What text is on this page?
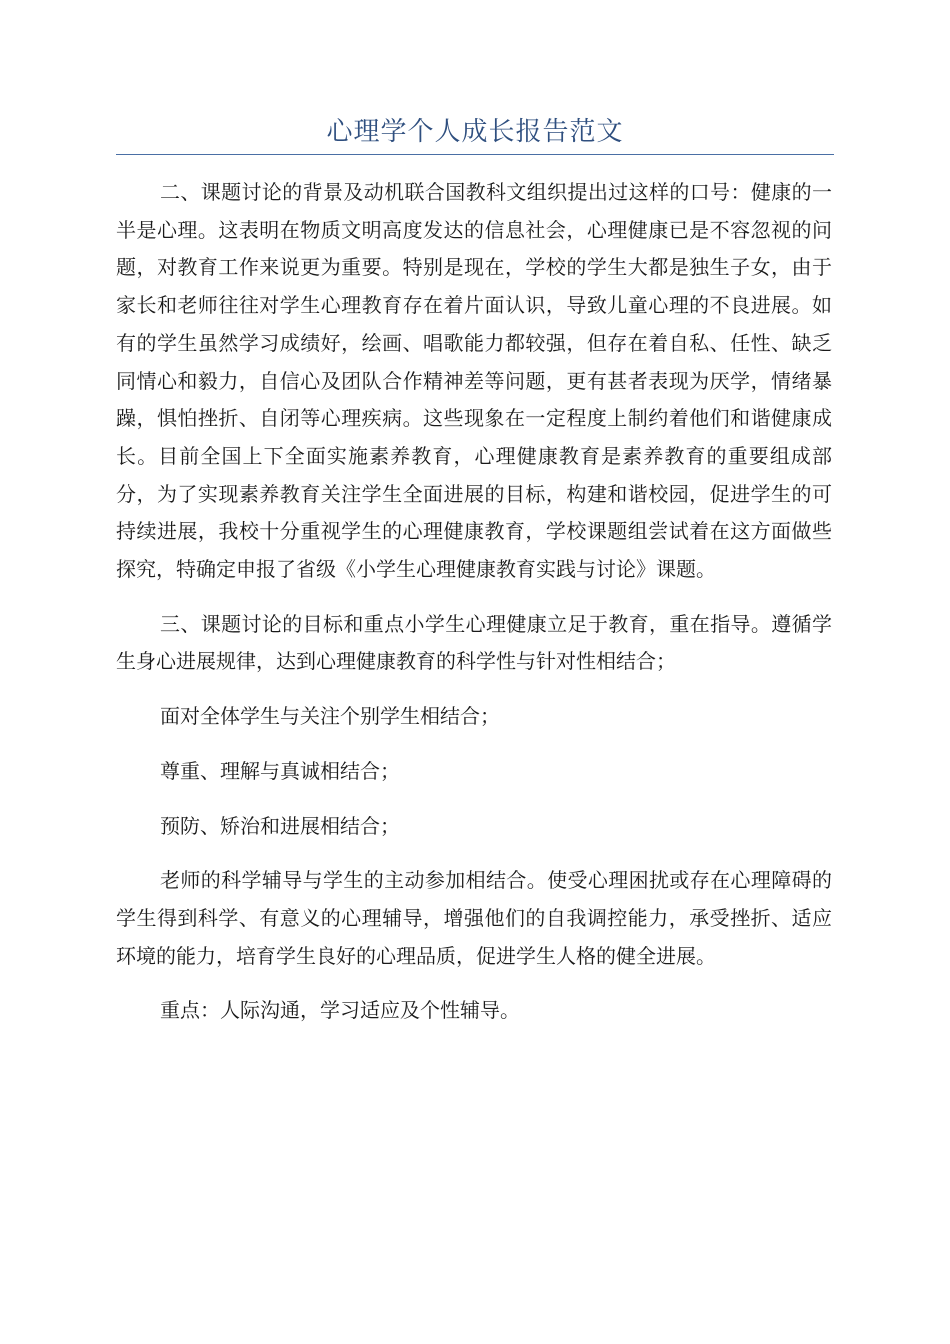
心理学个人成长报告范文

二、课题讨论的背景及动机联合国教科文组织提出过这样的口号：健康的一半是心理。这表明在物质文明高度发达的信息社会，心理健康已是不容忽视的问题，对教育工作来说更为重要。特别是现在，学校的学生大都是独生子女，由于家长和老师往往对学生心理教育存在着片面认识，导致儿童心理的不良进展。如有的学生虽然学习成绩好，绘画、唱歌能力都较强，但存在着自私、任性、缺乏同情心和毅力，自信心及团队合作精神差等问题，更有甚者表现为厌学，情绪暴躁，惧怕挫折、自闭等心理疾病。这些现象在一定程度上制约着他们和谐健康成长。目前全国上下全面实施素养教育，心理健康教育是素养教育的重要组成部分，为了实现素养教育关注学生全面进展的目标，构建和谐校园，促进学生的可持续进展，我校十分重视学生的心理健康教育，学校课题组尝试着在这方面做些探究，特确定申报了省级《小学生心理健康教育实践与讨论》课题。

三、课题讨论的目标和重点小学生心理健康立足于教育，重在指导。遵循学生身心进展规律，达到心理健康教育的科学性与针对性相结合；

面对全体学生与关注个别学生相结合；

尊重、理解与真诚相结合；

预防、矫治和进展相结合；

老师的科学辅导与学生的主动参加相结合。使受心理困扰或存在心理障碍的学生得到科学、有意义的心理辅导，增强他们的自我调控能力，承受挫折、适应环境的能力，培育学生良好的心理品质，促进学生人格的健全进展。

重点：人际沟通，学习适应及个性辅导。
